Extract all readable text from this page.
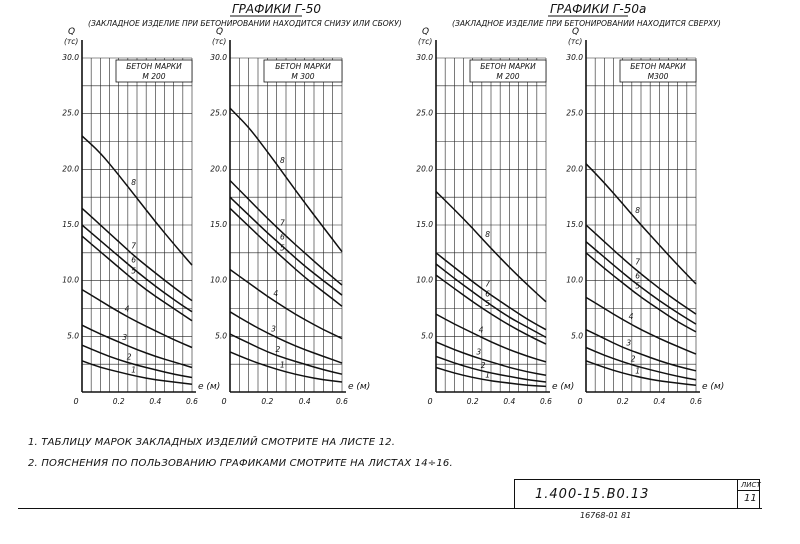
ГРАФИКИ Г-50
(ЗАКЛАДНОЕ ИЗДЕЛИЕ ПРИ БЕТОНИРОВАНИИ НАХОДИТСЯ СНИЗУ ИЛИ СБОКУ)
ГРАФИКИ Г-50а
(ЗАКЛАДНОЕ ИЗДЕЛИЕ ПРИ БЕТОНИРОВАНИИ НАХОДИТСЯ СВЕРХУ)
БЕТОН МАРКИ
М 200
5.0
10.0
15.0
20.0
25.0
30.0
0.2	0.4	0.6
0
Q
(тс)
е (м)
1
2
3
4
5
6
7
8
БЕТОН МАРКИ
М 300
5.0
10.0
15.0
20.0
25.0
30.0
0.2	0.4	0.6
0
Q
(тс)
е (м)
1
2
3
4
5
6
7
8
БЕТОН МАРКИ
М 200
5.0
10.0
15.0
20.0
25.0
30.0
0.2	0.4	0.6
0
Q
(тс)
е (м)
1
2
3
4
5
6
7
8
БЕТОН МАРКИ
М300
5.0
10.0
15.0
20.0
25.0
30.0
0.2	0.4	0.6
0
Q
(тс)
е (м)
1
2
3
4
5
6
7
8
1. ТАБЛИЦУ МАРОК ЗАКЛАДНЫХ ИЗДЕЛИЙ СМОТРИТЕ НА ЛИСТЕ 12.
2. ПОЯСНЕНИЯ ПО ПОЛЬЗОВАНИЮ ГРАФИКАМИ СМОТРИТЕ НА ЛИСТАХ 14÷16.
1.400-15.В0.13
ЛИСТ
11
16768-01 81
